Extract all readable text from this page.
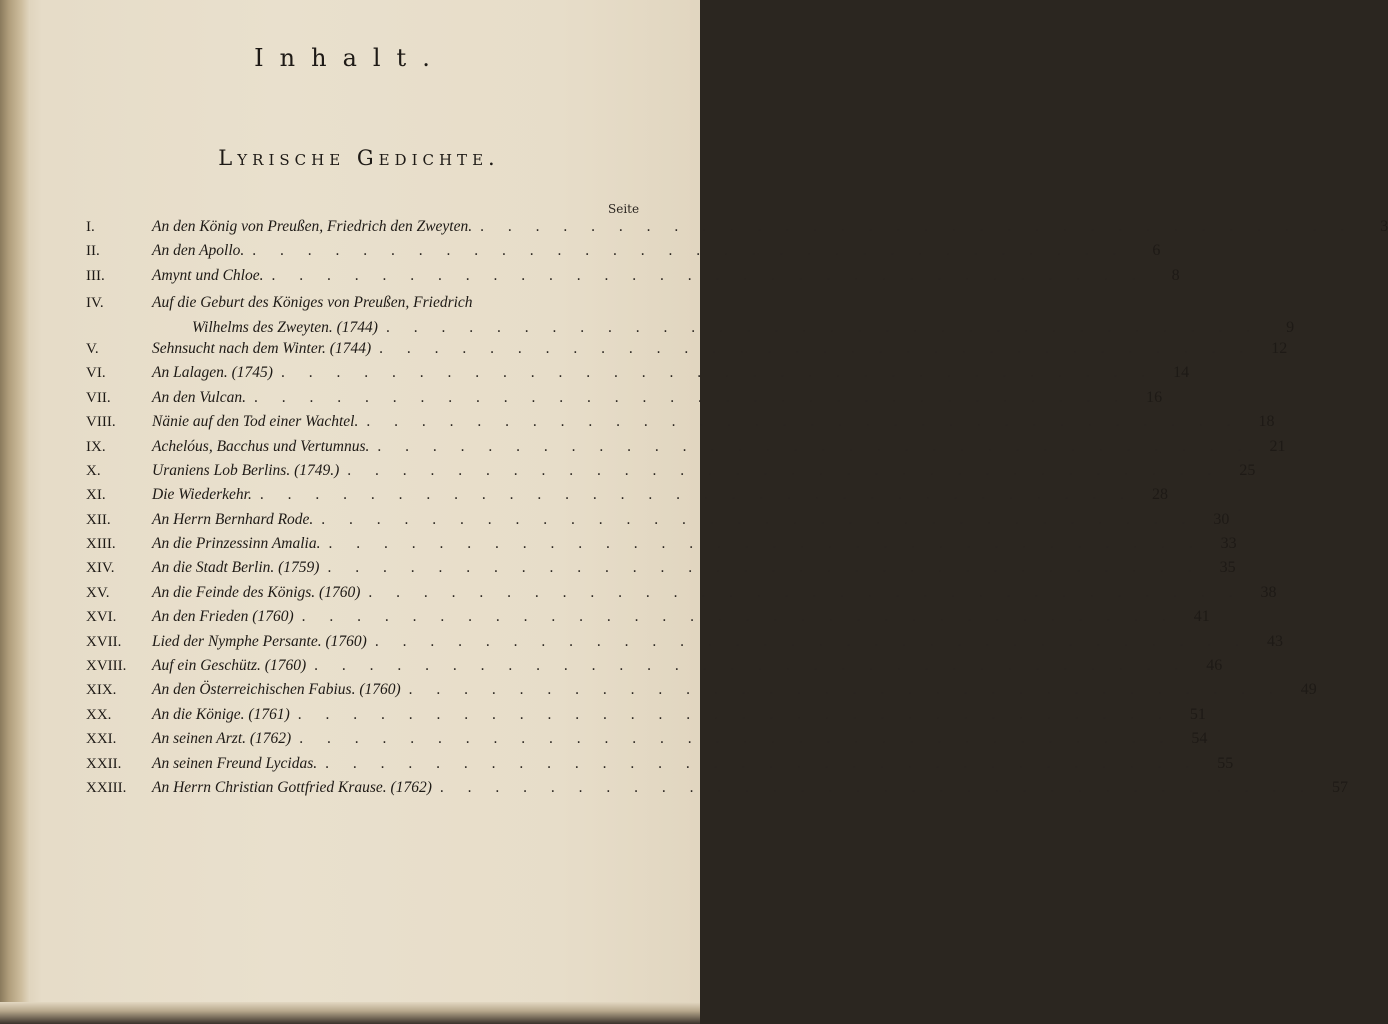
Inhalt.
Lyrische Gedichte.
Seite
I.	An den König von Preußen, Friedrich den Zweyten. . . . . . . . . . . . . . . . . . . . . . . . . . . . . . . . .	3
II.	An den Apollo. . . . . . . . . . . . . . . . . . . . . . . . . . . . . . . . .	6
III.	Amynt und Chloe. . . . . . . . . . . . . . . . . . . . . . . . . . . . . . . . .	8
IV.	Auf die Geburt des Königes von Preußen, Friedrich
Wilhelms des Zweyten. (1744) . . . . . . . . . . . . . . . . . . . . . . . . . . . . . . . .	9
V.	Sehnsucht nach dem Winter. (1744) . . . . . . . . . . . . . . . . . . . . . . . . . . . . . . . .	12
VI.	An Lalagen. (1745) . . . . . . . . . . . . . . . . . . . . . . . . . . . . . . . .	14
VII.	An den Vulcan. . . . . . . . . . . . . . . . . . . . . . . . . . . . . . . . .	16
VIII.	Nänie auf den Tod einer Wachtel. . . . . . . . . . . . . . . . . . . . . . . . . . . . . . . . .	18
IX.	Achelóus, Bacchus und Vertumnus. . . . . . . . . . . . . . . . . . . . . . . . . . . . . . . . .	21
X.	Uraniens Lob Berlins. (1749.) . . . . . . . . . . . . . . . . . . . . . . . . . . . . . . . .	25
XI.	Die Wiederkehr. . . . . . . . . . . . . . . . . . . . . . . . . . . . . . . . .	28
XII.	An Herrn Bernhard Rode. . . . . . . . . . . . . . . . . . . . . . . . . . . . . . . . .	30
XIII.	An die Prinzessinn Amalia. . . . . . . . . . . . . . . . . . . . . . . . . . . . . . . . .	33
XIV.	An die Stadt Berlin. (1759) . . . . . . . . . . . . . . . . . . . . . . . . . . . . . . . .	35
XV.	An die Feinde des Königs. (1760) . . . . . . . . . . . . . . . . . . . . . . . . . . . . . . . .	38
XVI.	An den Frieden (1760) . . . . . . . . . . . . . . . . . . . . . . . . . . . . . . . .	41
XVII.	Lied der Nymphe Persante. (1760) . . . . . . . . . . . . . . . . . . . . . . . . . . . . . . . .	43
XVIII.	Auf ein Geschütz. (1760) . . . . . . . . . . . . . . . . . . . . . . . . . . . . . . . .	46
XIX.	An den Österreichischen Fabius. (1760) . . . . . . . . . . . . . . . . . . . . . . . . . . . . . . . .	49
XX.	An die Könige. (1761) . . . . . . . . . . . . . . . . . . . . . . . . . . . . . . . .	51
XXI.	An seinen Arzt. (1762) . . . . . . . . . . . . . . . . . . . . . . . . . . . . . . . .	54
XXII.	An seinen Freund Lycidas. . . . . . . . . . . . . . . . . . . . . . . . . . . . . . . . .	55
XXIII.	An Herrn Christian Gottfried Krause. (1762) . . . . . . . . . . . . . . . . . . . . . . . . . . . . . . . .	57
